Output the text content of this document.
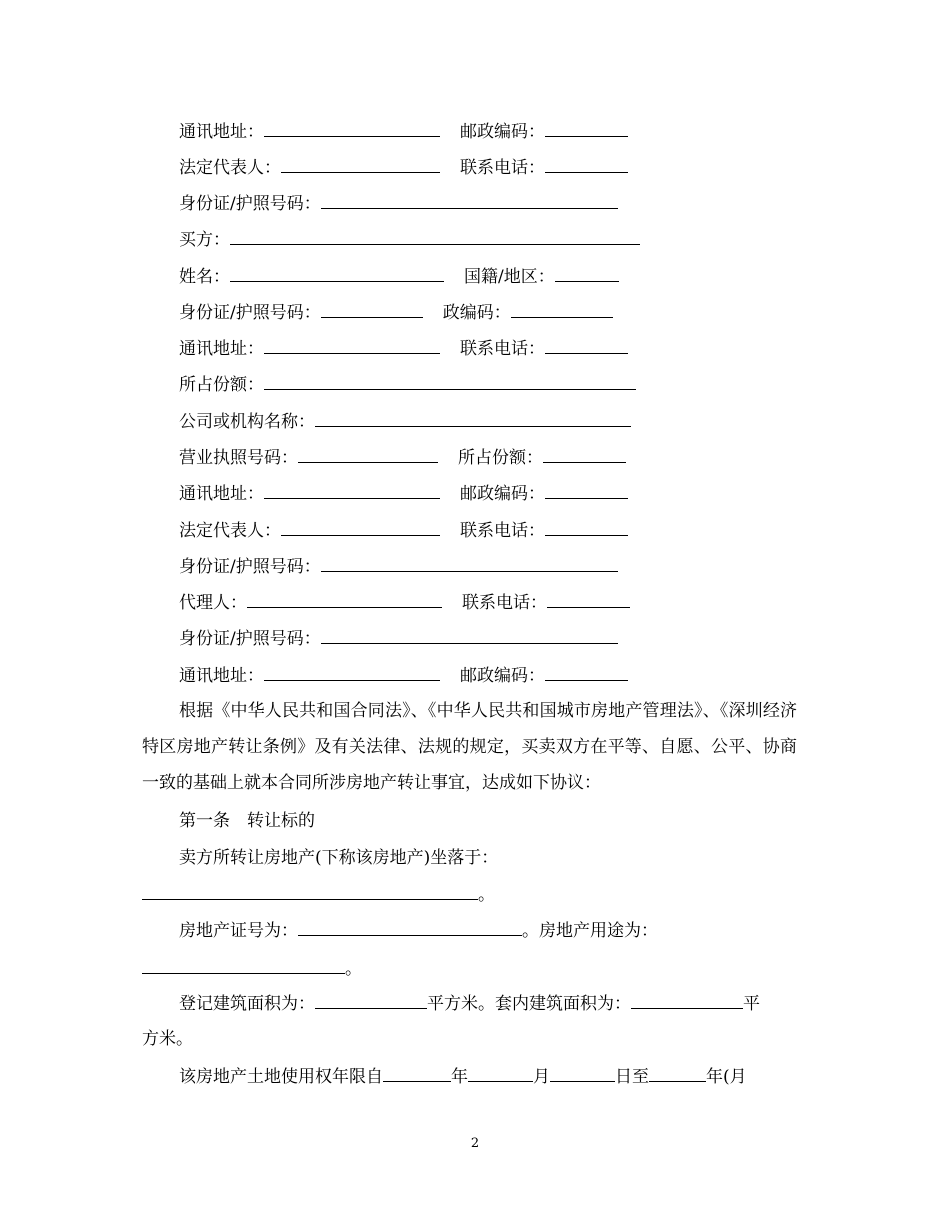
通讯地址：	邮政编码：
法定代表人：	联系电话：
身份证/护照号码：
买方：
姓名：	国籍/地区：
身份证/护照号码：	政编码：
通讯地址：	联系电话：
所占份额：
公司或机构名称：
营业执照号码：	所占份额：
通讯地址：	邮政编码：
法定代表人：	联系电话：
身份证/护照号码：
代理人：	联系电话：
身份证/护照号码：
通讯地址：	邮政编码：
根据《中华人民共和国合同法》、《中华人民共和国城市房地产管理法》、《深圳经济特区房地产转让条例》及有关法律、法规的规定，买卖双方在平等、自愿、公平、协商一致的基础上就本合同所涉房地产转让事宜，达成如下协议：
第一条　转让标的
卖方所转让房地产(下称该房地产)坐落于：
。
房地产证号为：	。房地产用途为：
。
登记建筑面积为：	平方米。套内建筑面积为：	平
方米。
该房地产土地使用权年限自	年	月	日至	年(月
2
